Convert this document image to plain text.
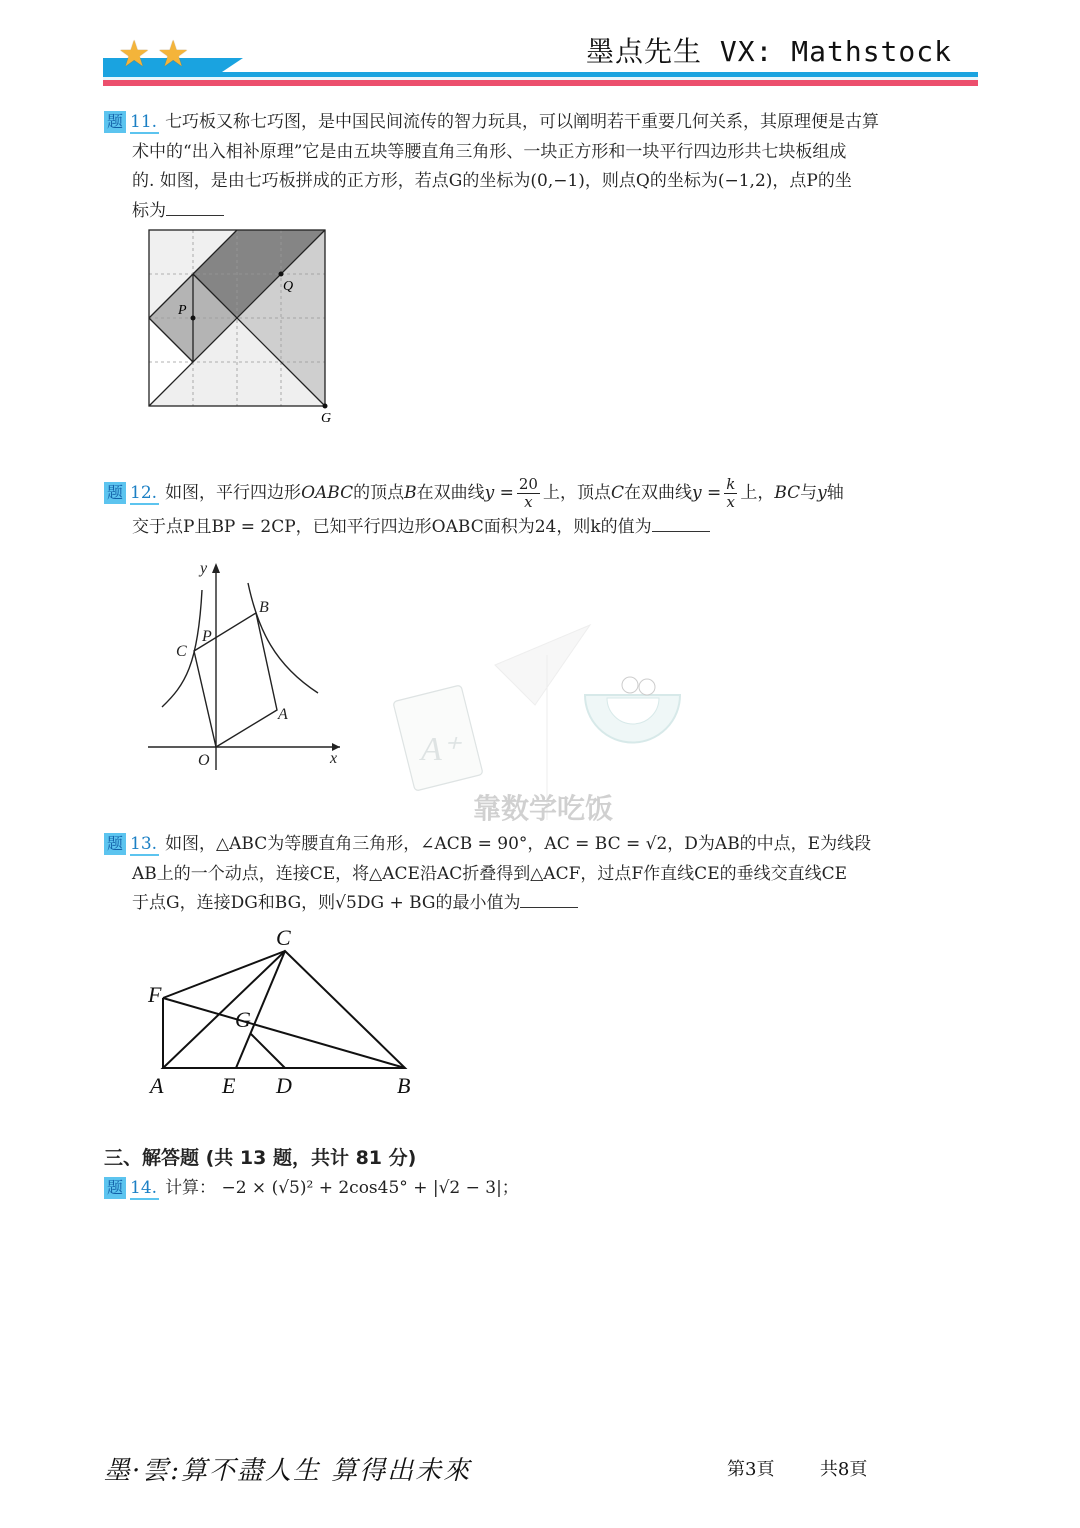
★ ★	墨点先生 VX: Mathstock

题 11. 七巧板又称七巧图，是中国民间流传的智力玩具，可以阐明若干重要几何关系，其原理便是古算

术中的“出入相补原理”它是由五块等腰直角三角形、一块正方形和一块平行四边形共七块板组成

的. 如图，是由七巧板拼成的正方形，若点G的坐标为(0,−1)，则点Q的坐标为(−1,2)，点P的坐

标为

P
Q
G

题 12. 如图，平行四边形OABC的顶点B在双曲线$y = \frac{20}{x}$ 上，顶点C在双曲线$y = \frac{k}{x}$ 上，BC与y轴

交于点P且BP = 2CP，已知平行四边形OABC面积为24，则k的值为

y
B
P
C
A
O	x A⁺
靠数学吃饭

题 13. 如图，△ABC为等腰直角三角形，∠ACB = 90°，AC = BC = √2，D为AB的中点，E为线段

AB上的一个动点，连接CE，将△ACE沿AC折叠得到△ACF，过点F作直线CE的垂线交直线CE

于点G，连接DG和BG，则√5DG + BG的最小值为

C
F
G
A	E D	B
三、解答题 (共 13 题，共计 81 分)

题 14. 计算： −2 × (√5)² + 2cos45° + |√2 − 3|；

墨·雲:算不盡人生 算得出未來	第3頁	共8頁
